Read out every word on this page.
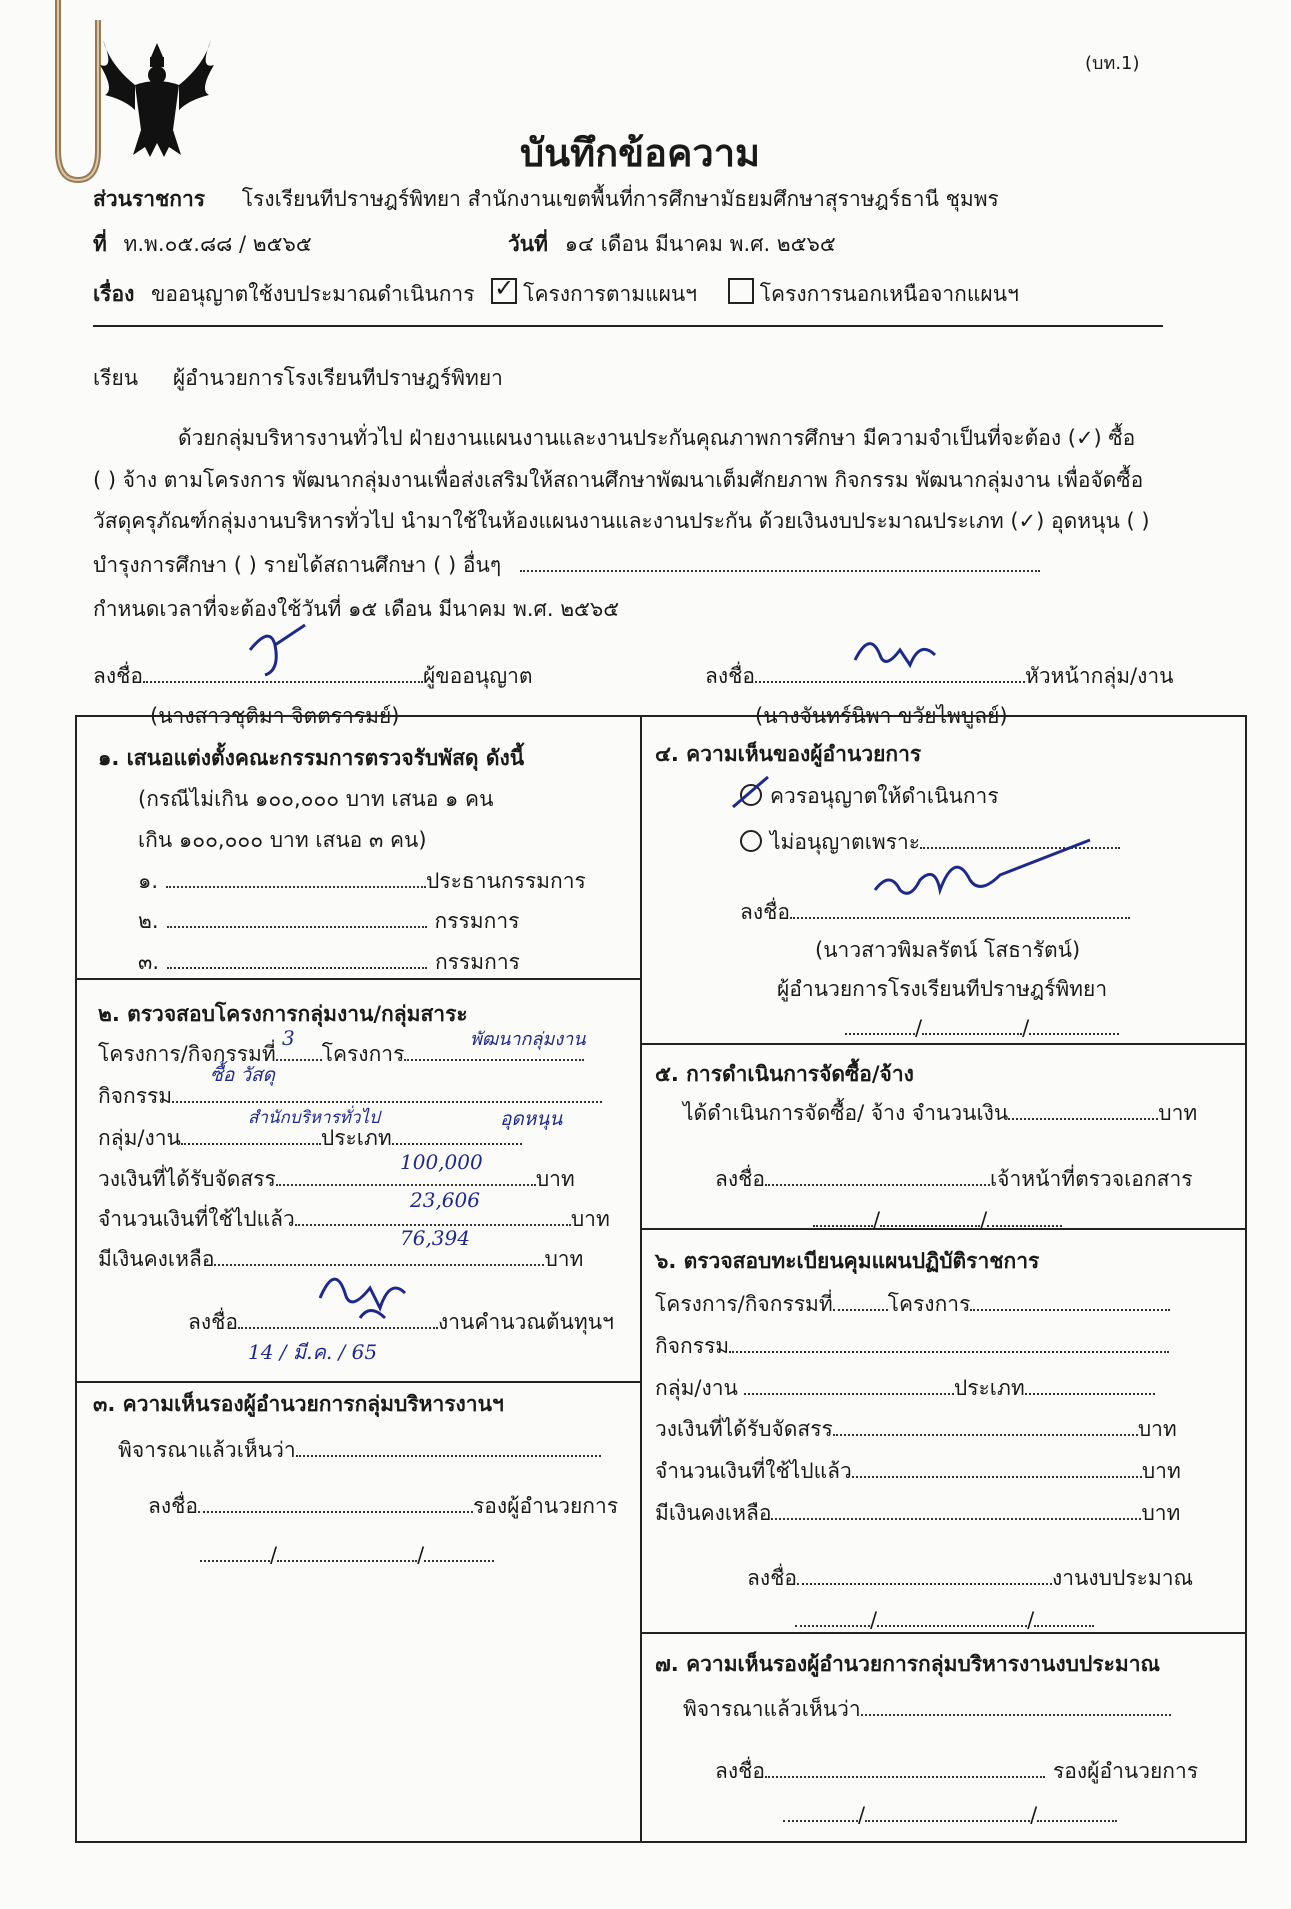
(บท.1)
บันทึกข้อความ
ส่วนราชการ โรงเรียนทีปราษฎร์พิทยา สำนักงานเขตพื้นที่การศึกษามัธยมศึกษาสุราษฎร์ธานี ชุมพร
ที่ ท.พ.๐๕.๘๘ / ๒๕๖๕	วันที่ ๑๔ เดือน มีนาคม พ.ศ. ๒๕๖๕
เรื่อง ขออนุญาตใช้งบประมาณดำเนินการ ✓ โครงการตามแผนฯ	โครงการนอกเหนือจากแผนฯ
เรียน ผู้อำนวยการโรงเรียนทีปราษฎร์พิทยา
ด้วยกลุ่มบริหารงานทั่วไป ฝ่ายงานแผนงานและงานประกันคุณภาพการศึกษา มีความจำเป็นที่จะต้อง (✓) ซื้อ
( ) จ้าง ตามโครงการ พัฒนากลุ่มงานเพื่อส่งเสริมให้สถานศึกษาพัฒนาเต็มศักยภาพ กิจกรรม พัฒนากลุ่มงาน เพื่อจัดซื้อ
วัสดุครุภัณฑ์กลุ่มงานบริหารทั่วไป นำมาใช้ในห้องแผนงานและงานประกัน ด้วยเงินงบประมาณประเภท (✓) อุดหนุน ( )
บำรุงการศึกษา ( ) รายได้สถานศึกษา ( ) อื่นๆ
กำหนดเวลาที่จะต้องใช้วันที่ ๑๕ เดือน มีนาคม พ.ศ. ๒๕๖๕
ลงชื่อ	ผู้ขออนุญาต
(นางสาวชุติมา จิตตรารมย์)
ลงชื่อ	หัวหน้ากลุ่ม/งาน
(นางจันทร์นิพา ขวัยไพบูลย์)
๑. เสนอแต่งตั้งคณะกรรมการตรวจรับพัสดุ ดังนี้
(กรณีไม่เกิน ๑๐๐,๐๐๐ บาท เสนอ ๑ คน
เกิน ๑๐๐,๐๐๐ บาท เสนอ ๓ คน)
๑.	ประธานกรรมการ
๒.	กรรมการ
๓.	กรรมการ
๒. ตรวจสอบโครงการกลุ่มงาน/กลุ่มสาระ
โครงการ/กิจกรรมที่ โครงการ
3	พัฒนากลุ่มงาน
กิจกรรม
ซื้อ วัสดุ
กลุ่ม/งาน	ประเภท
สำนักบริหารทั่วไป	อุดหนุน
วงเงินที่ได้รับจัดสรร	บาท
100,000
จำนวนเงินที่ใช้ไปแล้ว	บาท
23,606
มีเงินคงเหลือ	บาท
76,394
ลงชื่อ	งานคำนวณต้นทุนฯ
14 / มี.ค. / 65
๓. ความเห็นรองผู้อำนวยการกลุ่มบริหารงานฯ
พิจารณาแล้วเห็นว่า
ลงชื่อ	รองผู้อำนวยการ
/	/
๔. ความเห็นของผู้อำนวยการ
ควรอนุญาตให้ดำเนินการ
ไม่อนุญาตเพราะ
ลงชื่อ
(นาวสาวพิมลรัตน์ โสธารัตน์)
ผู้อำนวยการโรงเรียนทีปราษฎร์พิทยา
/	/
๕. การดำเนินการจัดซื้อ/จ้าง
ได้ดำเนินการจัดซื้อ/ จ้าง จำนวนเงิน	บาท
ลงชื่อ	เจ้าหน้าที่ตรวจเอกสาร
/	/
๖. ตรวจสอบทะเบียนคุมแผนปฏิบัติราชการ
โครงการ/กิจกรรมที่	โครงการ
กิจกรรม
กลุ่ม/งาน	ประเภท
วงเงินที่ได้รับจัดสรร	บาท
จำนวนเงินที่ใช้ไปแล้ว	บาท
มีเงินคงเหลือ	บาท
ลงชื่อ	งานงบประมาณ
/	/
๗. ความเห็นรองผู้อำนวยการกลุ่มบริหารงานงบประมาณ
พิจารณาแล้วเห็นว่า
ลงชื่อ	รองผู้อำนวยการ
/	/
